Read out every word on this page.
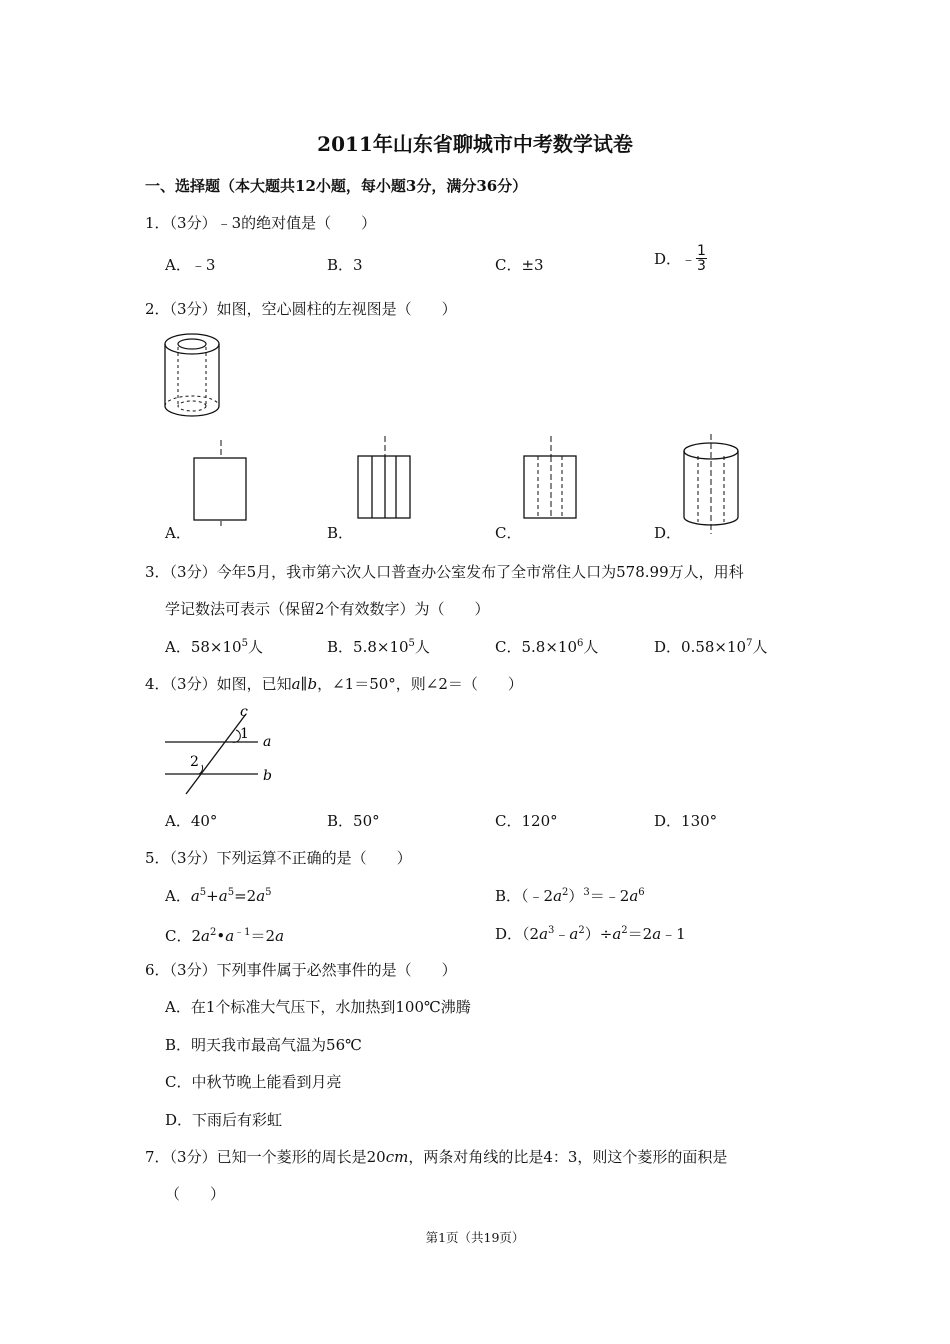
2011年山东省聊城市中考数学试卷
一、选择题（本大题共12小题，每小题3分，满分36分）
1．（3分）﹣3的绝对值是（　　）
A．﹣3	B．3	C．±3	D．﹣ $\frac{1}{3}$
2．（3分）如图，空心圆柱的左视图是（　　）
A．	B．	C．	D．
3．（3分）今年5月，我市第六次人口普查办公室发布了全市常住人口为578.99万人，用科
学记数法可表示（保留2个有效数字）为（　　）
A．$58\times 10^5$人	B．$5.8\times 10^5$人	C．$5.8\times 10^6$人	D．$0.58\times 10^7$人
4．（3分）如图，已知a∥b，∠1＝50°，则∠2＝（　　）
c
1 a
2
b
A．40°	B．50°	C．120°	D．130°
5．（3分）下列运算不正确的是（　　）
A．$a^5+a^5=2a^5$	B．$(﹣2a^2)^3=﹣2a^6$
C．$2a^2•a^{﹣1}=2a$	D．$(2a^3﹣a^2)\div a^2=2a﹣1$
6．（3分）下列事件属于必然事件的是（　　）
A．在1个标准大气压下，水加热到100℃沸腾
B．明天我市最高气温为56℃
C．中秋节晚上能看到月亮
D．下雨后有彩虹
7．（3分）已知一个菱形的周长是20cm，两条对角线的比是4：3，则这个菱形的面积是
（　　）
第1页（共19页）
